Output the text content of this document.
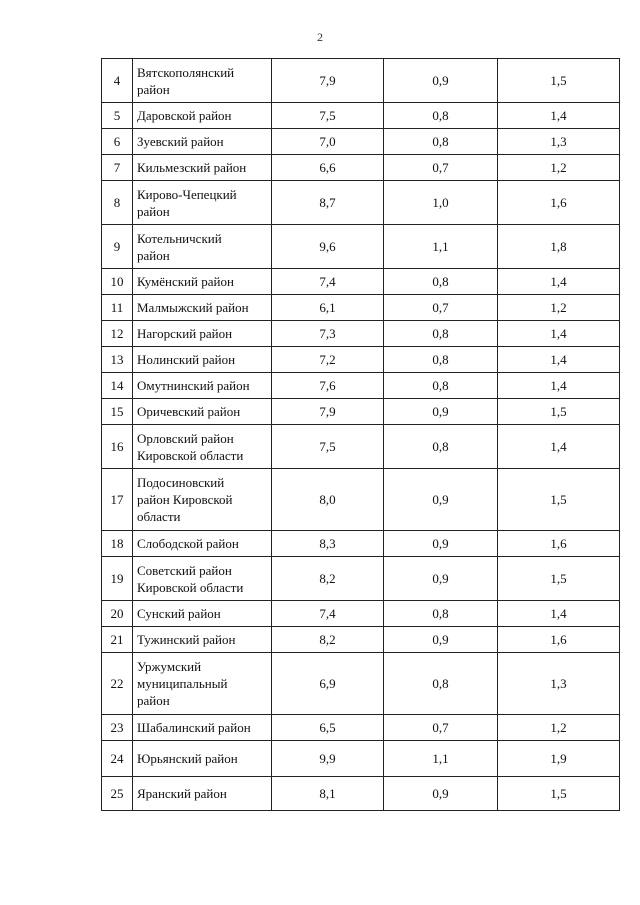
2
4	Вятскополянский
район	7,9	0,9	1,5
5	Даровской район	7,5	0,8	1,4
6	Зуевский район	7,0	0,8	1,3
7	Кильмезский район	6,6	0,7	1,2
8	Кирово-Чепецкий
район	8,7	1,0	1,6
9	Котельничский
район	9,6	1,1	1,8
10	Кумёнский район	7,4	0,8	1,4
11	Малмыжский район	6,1	0,7	1,2
12	Нагорский район	7,3	0,8	1,4
13	Нолинский район	7,2	0,8	1,4
14	Омутнинский район	7,6	0,8	1,4
15	Оричевский район	7,9	0,9	1,5
16	Орловский район
Кировской области	7,5	0,8	1,4
17	Подосиновский
район Кировской
области	8,0	0,9	1,5
18	Слободской район	8,3	0,9	1,6
19	Советский район
Кировской области	8,2	0,9	1,5
20	Сунский район	7,4	0,8	1,4
21	Тужинский район	8,2	0,9	1,6
22	Уржумский
муниципальный
район	6,9	0,8	1,3
23	Шабалинский район	6,5	0,7	1,2
24	Юрьянский район	9,9	1,1	1,9
25	Яранский район	8,1	0,9	1,5
